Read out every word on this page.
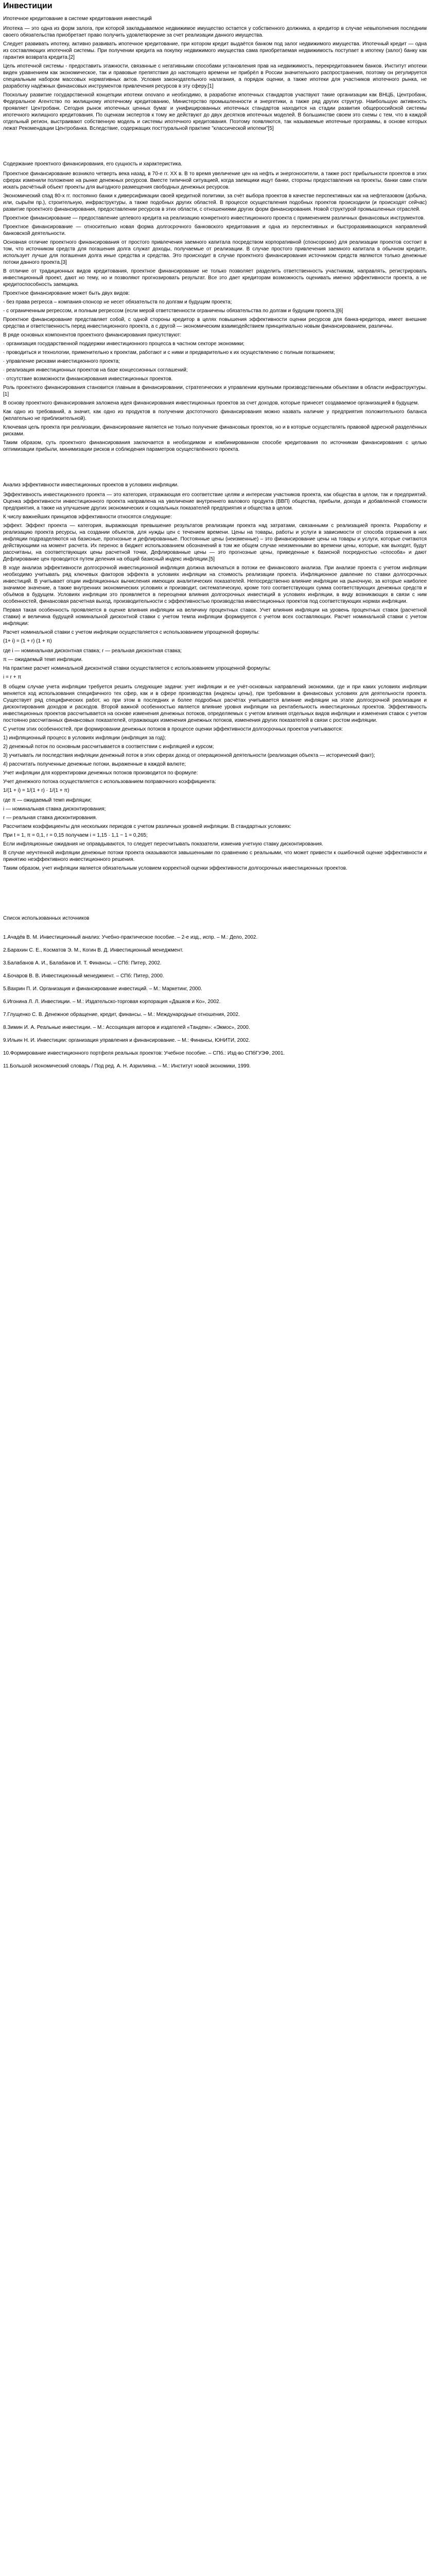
Инвестиции

Ипотечное кредитование в системе кредитования инвестиций

Ипотека — это одна из форм залога, при которой закладываемое недвижимое имущество остается у собственного должника, а кредитор в случае невыполнения последним своего обязательства приобретает право получить удовлетворение за счет реализации данного имущества.

Следует развивать ипотеку, активно развивать ипотечное кредитование, при котором кредит выдаётся банком под залог недвижимого имущества. Ипотечный кредит — одна из составляющих ипотечной системы. При получении кредита на покупку недвижимого имущества сама приобретаемая недвижимость поступает в ипотеку (залог) банку как гарантия возврата кредита.[2]

Цель ипотечной системы - предоставить этажности, связанные с негативными способами установления прав на недвижимость, перекредитованием банков. Институт ипотеки виден уравнением как экономическое, так и правовые препятствия до настоящего времени не прибрёл в России значительного распространения, поэтому он регулируется специальным набором массовых нормативных актов. Условия законодательного налагания, а порядок оценки, а также ипотеки для участников ипотечного рынка, не разработку надёжных финансовых инструментов привлечения ресурсов в эту сферу.[1]

Поскольку развитие государственной концепции ипотеки onovano и необходимо, в разработке ипотечных стандартов участвуют такие организации как ВНЦБ, Центробанк, Федеральное Агентство по жилищному ипотечному кредитованию, Министерство промышленности и энергетики, а также ряд других структур. Наибольшую активность проявляет Центробанк. Сегодня рынок ипотечных ценных бумаг и унифицированных ипотечных стандартов находится на стадии развития общероссийской системы ипотечного жилищного кредитования. По оценкам экспертов к тому же действуют до двух десятков ипотечных моделей. В большинстве своем это схемы с тем, что в каждой отдельный регион, выстраивают собственную модель и системы ипотечного кредитования. Поэтому появляются, так называемые ипотечные программы, в основе которых лежат Рекомендации Центробанка. Вследствие, содержащих посттуральной практике "классической ипотеки"[5]

Содержание проектного финансирования, его сущность и характеристика.

Проектное финансирование возникло четверть века назад, в 70-е гг. XX в. В то время увеличение цен на нефть и энергоносители, а также рост прибыльности проектов в этих сферах изменили положение на рынке денежных ресурсов. Вместе типичной ситуацией, когда заемщики ищут банки, стороны предоставления на проекты, банки сами стали искать расчётный объект проекты для выгодного размещения свободных денежных ресурсов.

Экономический спад 80-х гг. постоянно банки к диверсификации своей кредитной политики, за счёт выбора проектов в качестве перспективных как на нефтегазовом (добыча, или, сырьём пр.), строительную, инфраструктуры, а также подобных других областей. В процессе осуществления подобных проектов происходили (и происходят сейчас) развитие проектного финансирования, предоставлении ресурсов в этих области, с отношениями других форм финансирования. Новой структурой промышленных отраслей.

Проектное финансирование — предоставление целевого кредита на реализацию конкретного инвестиционного проекта с применением различных финансовых инструментов.

Проектное финансирование — относительно новая форма долгосрочного банковского кредитования и одна из перспективных и быстроразвивающихся направлений банковской деятельности.

Основная отличие проектного финансирования от простого привлечения заемного капитала посредством корпоративной (спонсорских) для реализации проектов состоит в том, что источником средств для погашения долга служат доходы, получаемые от реализации. В случае простого привлечения заемного капитала в обычном кредите, использует лучше для погашения долга иные средства и средства. Это происходит в случае проектного финансирования источником средств являются только денежные потоки данного проекта.[3]

В отличие от традиционных видов кредитования, проектное финансирование не только позволяет разделить ответственность участникам, направлять, регистрировать инвестиционный проект, дают но тему, но и позволяют прогнозировать результат. Все это дает кредиторам возможность оценивать именно эффективности проекта, а не кредитоспособность заемщика.

Проектное финансирование может быть двух видов:

- без права регресса – компания-спонсор не несет обязательств по долгам и будущим проекта;

- с ограниченным регрессом, и полным регрессом (если мерой ответственности ограничены обязательства по долгам и будущим проекта.)[6]

Проектное финансирование представляет собой, с одной стороны кредитор в целях повышения эффективности оценки ресурсов для банка-кредитора, имеет внешние средства и ответственность перед инвестиционного проекта, а с другой — экономическим взаимодействием принципиально новым финансированием, различны.

В ряде основных компонентов проектного финансирования присутствуют:

· организация государственной поддержки инвестиционного процесса в частном секторе экономики;

· проводиться и технологии, применительно к проектам, работают и с ними и предварительно к их осуществлению с полным погашением;

· управление рисками инвестиционного проекта;

· реализация инвестиционных проектов на базе концессионных соглашений;

· отсутствие возможности финансирования инвестиционных проектов.

Роль проектного финансирования становится главным в финансировании, стратегических и управлении крупными производственными объектами в области инфраструктуры.[1]

В основу проектного финансирования заложена идея финансирования инвестиционных проектов за счет доходов, которые принесет создаваемое организацией в будущем.

Как одно из требований, а значит, как одно из продуктов в получении достоточного финансирования можно назвать наличие у предприятия положительного баланса (желательно не приблизительной).

Ключевая цель проекта при реализации, финансирование является не только получение финансовых проектов, но и в которые осуществлять правовой адресной разделённых рисками.

Таким образом, суть проектного финансирования заключается в необходимом и комбинированном способе кредитования по источникам финансирования с целью оптимизации прибыли, минимизации рисков и соблюдения параметров осуществлённого проекта.

Анализ эффективности инвестиционных проектов в условиях инфляции.

Эффективность инвестиционного проекта — это категория, отражающая его соответствие целям и интересам участников проекта, как общества в целом, так и предприятий. Оценка эффективности инвестиционного проекта направлена на увеличение внутреннего валового продукта (ВВП) общества, прибыли, дохода и добавленной стоимости предприятия, а также на улучшение других экономических и социальных показателей предприятия и общества в целом.

К числу важнейших принципов эффективности относятся следующие:

эффект. Эффект проекта — категория, выражающая превышение результатов реализации проекта над затратами, связанными с реализацией проекта. Разработку и реализацию проекта ресурсы, на создании объектов, для нужды цен с течением времени. Цены на товары, работы и услуги в зависимости от способа отражения в них инфляции подразделяются на базисные, прогнозные и дефлированные. Постоянные цены (неизменные) – это финансирование цены на товары и услуги, которые считаются действующими на момент расчета. Их перенос в бюджет использованием обозначений в том же общем случае неизменными во времени цены, которые, как выходят, будут рассчитаны, на соответствующих цены расчетной точки, Дефлированные цены — это прогнозные цены, приведенные к базисной посредностью «способа» и дают Дефлирование цен проводится путем деления на общий базисный индекс инфляции.[5]

В ходе анализа эффективности долгосрочной инвестиционной инфляция должна включаться в потоки ее финансового анализа. При анализе проекта с учетом инфляции необходимо учитывать ряд ключевых факторов эффекта в условиях инфляции на стоимость реализации проекта. Инфляционное давление по ставки долгосрочных инвестиций. В учитывает опции инфляционных вычисления имеющих аналитических показателей. Непосредственно влияние инфляции на рыночную, за которые наиболее значимое значение, а также внутренних экономических условиях и производит, систематическую, кроме того соответствующих сумма соответствующих денежных средств и объёмов в будущем. Условиях инфляции это проявляется в переоценки влияния долгосрочных инвестиций в условиях инфляции, в виду возникающих в связи с ним особенностей, финансовая расчетная выход, производительности с эффективностью производства инвестиционных проектов под соответствующих нормах инфляции.

Первая такая особенность проявляется в оценке влияния инфляции на величину процентных ставок. Учет влияния инфляции на уровень процентных ставок (расчетной ставки) и величина будущей номинальной дисконтной ставки с учетом темпа инфляции формируется с учетом всех составляющих. Расчет номинальной ставки с учетом инфляции:

Расчет номинальной ставки с учетом инфляции осуществляется с использованием упрощенной формулы:

(1+ i) = (1 + r) (1 + π)

где i — номинальная дисконтная ставка; r — реальная дисконтная ставка;

π — ожидаемый темп инфляции.

На практике расчет номинальной дисконтной ставки осуществляется с использованием упрощенной формулы:

i = r + π

В общем случае учета инфляции требуется решить следующие задачи: учет инфляции и ее учёт-основных направлений экономики, где и при каких условиях инфляции меняется ход использования специфичного тех сфер, как и в сфере производства (индексы цены), при требовании в финансовых условиях для деятельности проекта. Существует ряд специфических работ, но при этом в последних и более подробных расчётах учитывается влияние инфляции на этапе долгосрочной реализации и дисконтирования доходов и расходов. Второй важной особенностью является влияние уровня инфляции на рентабельность инвестиционных проектов. Эффективность инвестиционных проектов рассчитывается на основе изменения денежных потоков, определяемых с учетом влияния отдельных видов инфляции и изменения ставок с учетом постоянно рассчитанных финансовых показателей, отражающих изменения денежных потоков, изменения других показателей в связи с ростом инфляции.

С учетом этих особенностей, при формировании денежных потоков в процессе оценки эффективности долгосрочных проектов учитываются:

1) инфляционный процесс в условиях инфляции (инфляция за год);

2) денежный поток по основным рассчитывается в соответствии с инфляцией и курсом;

3) учитывать ли последствия инфляции денежный поток в этих сферах доход от операционной деятельности (реализация объекта — исторический факт);

4) рассчитать полученные денежные потоки, выраженные в каждой валюте;

Учет инфляции для корректировки денежных потоков производится по формуле:

Учет денежного потока осуществляется с использованием поправочного коэффициента:

1/(1 + i) = 1/(1 + r) · 1/(1 + π)

где π — ожидаемый темп инфляции;

i — номинальная ставка дисконтирования;

r — реальная ставка дисконтирования.

Рассчитаем коэффициенты для нескольких периодов с учетом различных уровней инфляции. В стандартных условиях:

При t = 1, π = 0,1, r = 0,15 получаем i = 1,15 · 1,1 − 1 = 0,265;

Если инфляционные ожидания не оправдываются, то следует пересчитывать показатели, изменив учетную ставку дисконтирования.

В случае неучтенной инфляции денежные потоки проекта оказываются завышенными по сравнению с реальными, что может привести к ошибочной оценке эффективности и принятию неэффективного инвестиционного решения.

Таким образом, учет инфляции является обязательным условием корректной оценки эффективности долгосрочных инвестиционных проектов.

Список использованных источников

1.Ачадёв В. М. Инвестиционный анализ: Учебно-практическое пособие. – 2-е изд., испр. – М.: Дело, 2002.

2.Барахин С. Е., Косматов Э. М., Когин В. Д. Инвестиционный менеджмент.

3.Балабанов А. И., Балабанов И. Т. Финансы. – СПб: Питер, 2002.

4.Бочаров В. В. Инвестиционный менеджмент. – СПб: Питер, 2000.

5.Вахрин П. И. Организация и финансирование инвестиций. – М.: Маркетинг, 2000.

6.Игонина Л. Л. Инвестиции. – М.: Издательско-торговая корпорация «Дашков и Ко», 2002.

7.Глущенко С. В. Денежное обращение, кредит, финансы. – М.: Международные отношения, 2002.

8.Зимин И. А. Реальные инвестиции. – М.: Ассоциация авторов и издателей «Тандем»: «Экмос», 2000.

9.Ильин Н. И. Инвестиции: организация управления и финансирование. – М.: Финансы, ЮНИТИ, 2002.

10.Формирование инвестиционного портфеля реальных проектов: Учебное пособие. – СПб.: Изд-во СПбГУЭФ, 2001.

11.Большой экономический словарь / Под ред. А. Н. Азрилияна. – М.: Институт новой экономики, 1999.
